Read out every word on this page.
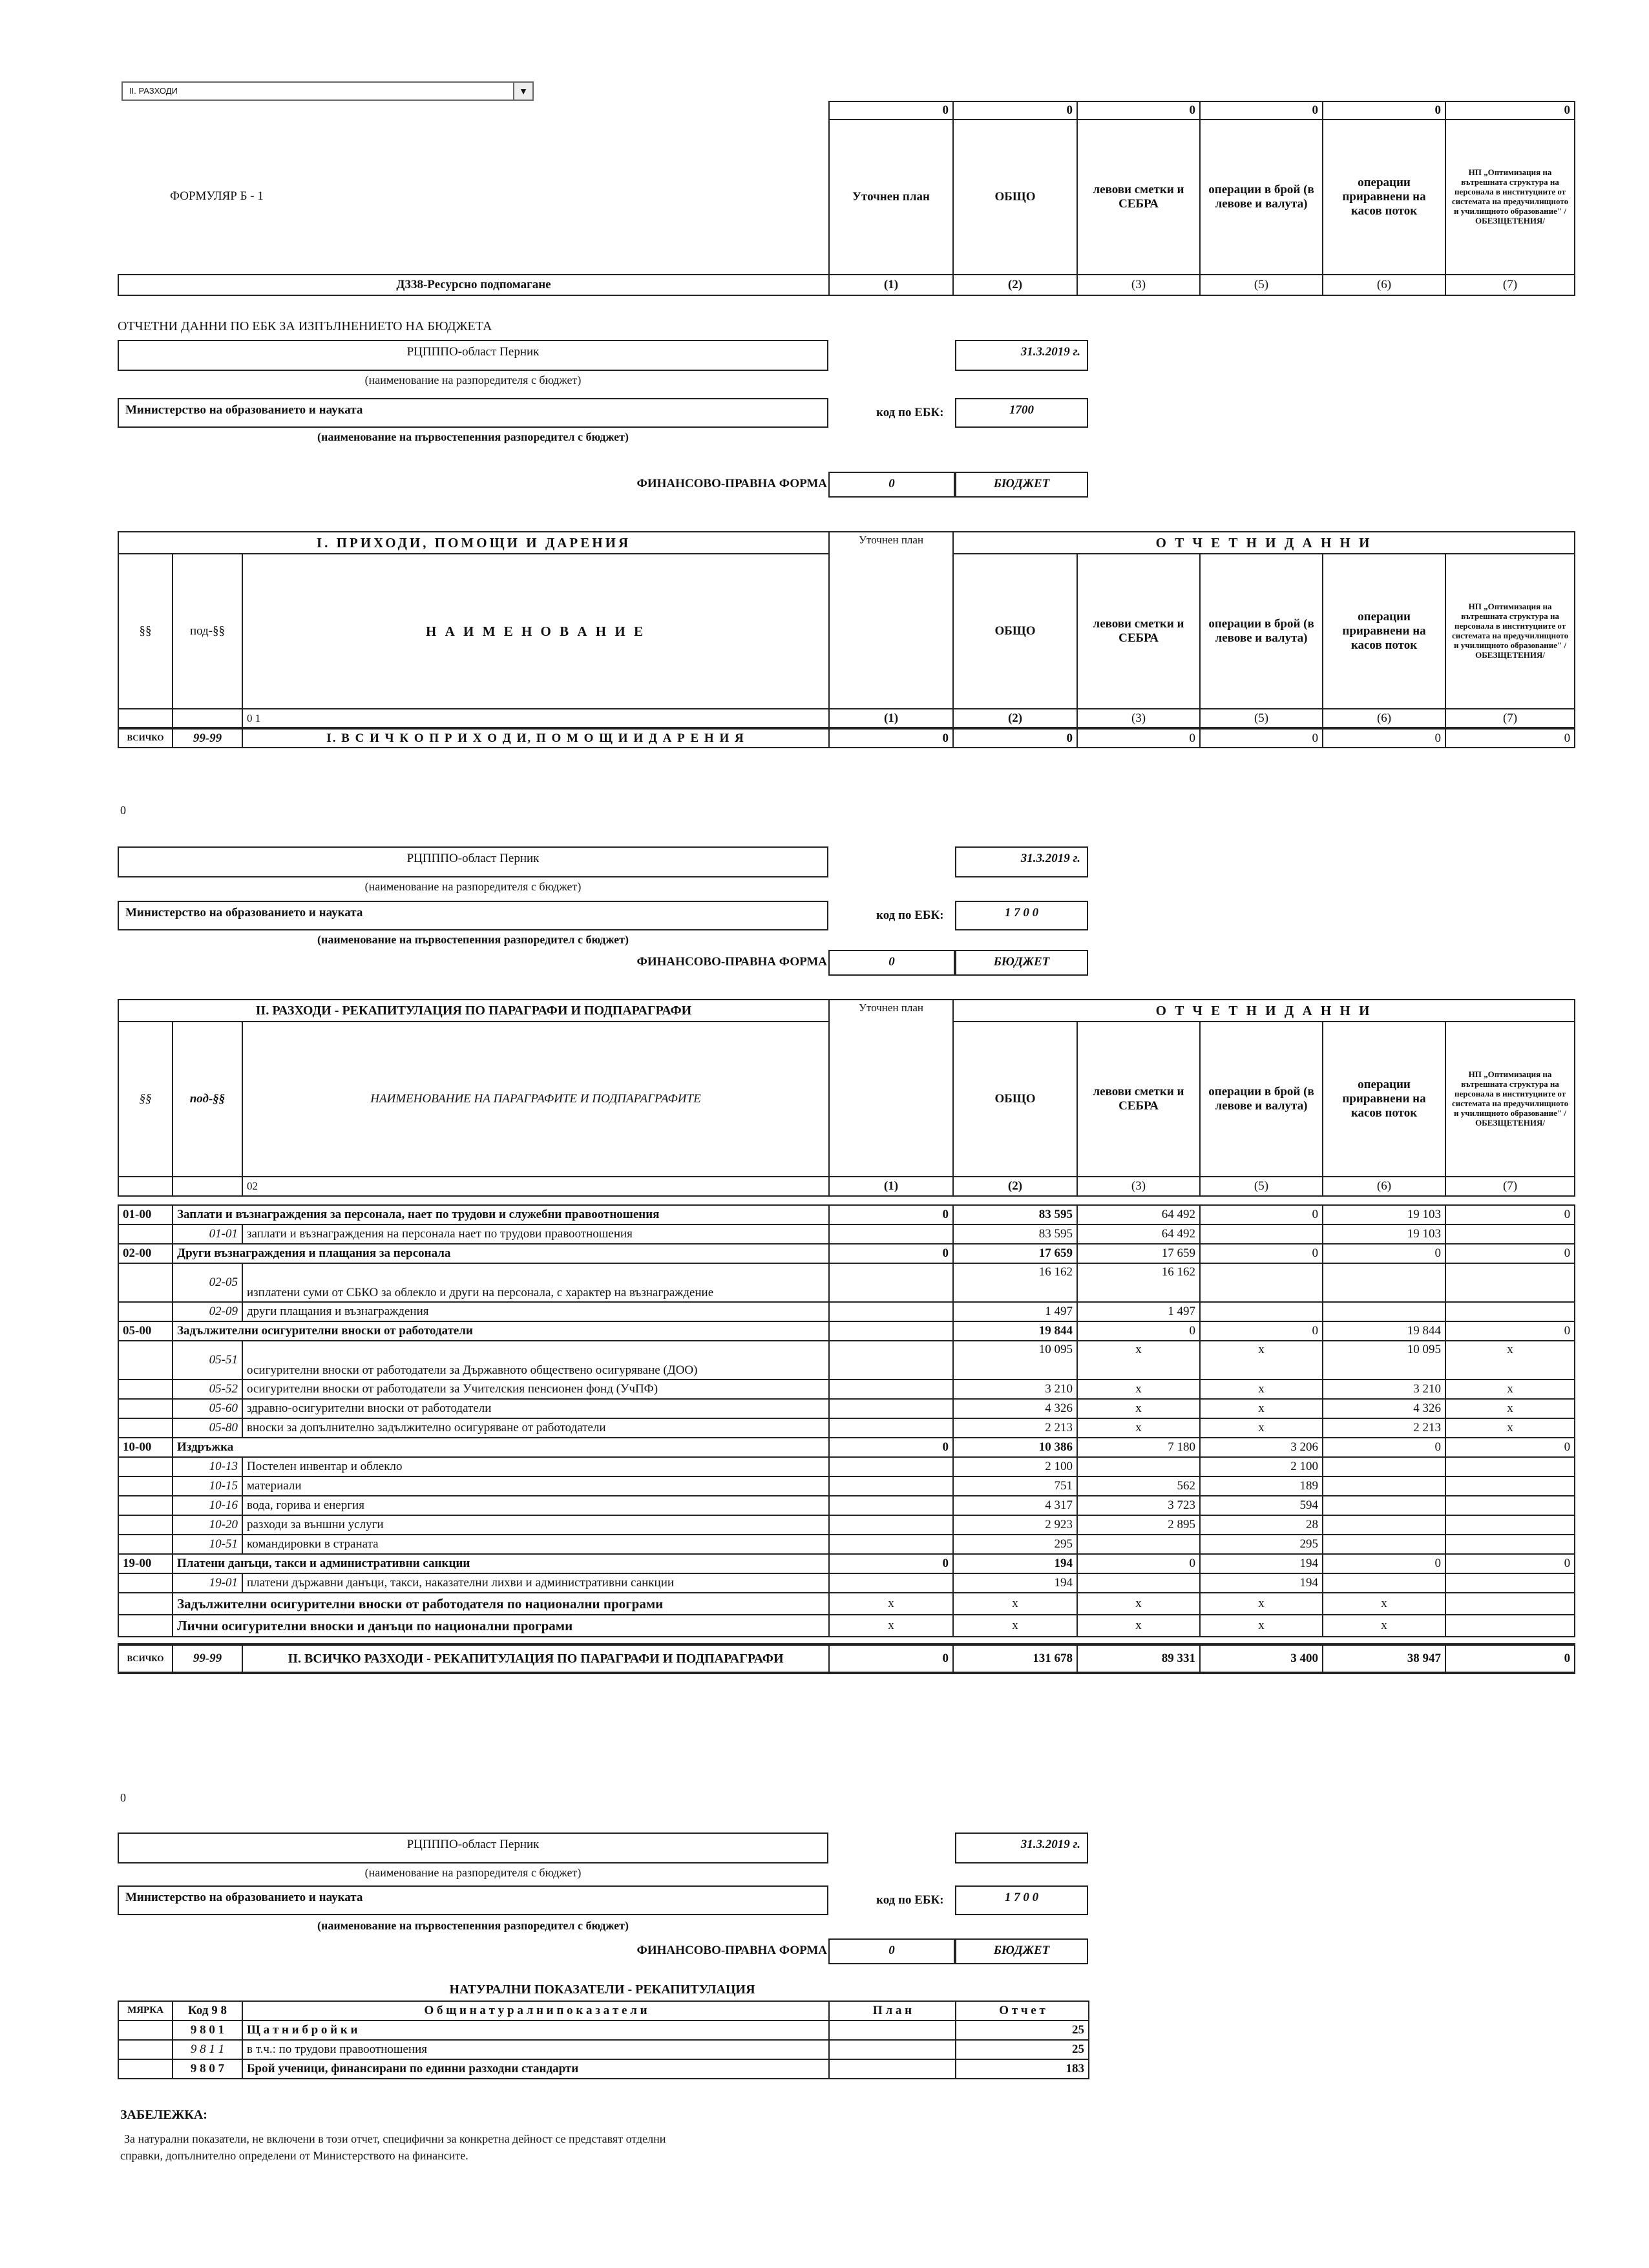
II. РАЗХОДИ	▼
	0	0	0	0	0	0
ФОРМУЛЯР Б - 1	Уточнен план	ОБЩО	левови сметки и СЕБРА	операции в брой (в левове и валута)	операции приравнени на касов поток	НП „Оптимизация на вътрешната структура на персонала в институциите от системата на предучилищното и училищното образование" /ОБЕЗЩЕТЕНИЯ/
Д338-Ресурсно подпомагане	(1)	(2)	(3)	(5)	(6)	(7)
ОТЧЕТНИ ДАННИ ПО ЕБК ЗА ИЗПЪЛНЕНИЕТО НА БЮДЖЕТА
РЦПППО-област Перник	31.3.2019 г.
(наименование на разпоредителя с бюджет)
Министерство на образованието и науката	код по ЕБК:	1700
(наименование на първостепенния разпоредител с бюджет)
ФИНАНСОВО-ПРАВНА ФОРМА	0	БЮДЖЕТ
I. ПРИХОДИ, ПОМОЩИ И ДАРЕНИЯ			Уточнен план	О Т Ч Е Т Н И Д А Н Н И				
§§	под-§§	Н А И М Е Н О В А Н И Е		ОБЩО	левови сметки и СЕБРА	операции в брой (в левове и валута)	операции приравнени на касов поток	НП „Оптимизация на вътрешната структура на персонала в институциите от системата на предучилищното и училищното образование" /ОБЕЗЩЕТЕНИЯ/
		0 1	(1)	(2)	(3)	(5)	(6)	(7)
ВСИЧКО	99-99	I. В С И Ч К О П Р И Х О Д И, П О М О Щ И И Д А Р Е Н И Я	0	0	0	0	0	0
0
РЦПППО-област Перник	31.3.2019 г.
(наименование на разпоредителя с бюджет)
Министерство на образованието и науката	код по ЕБК:	1 7 0 0
(наименование на първостепенния разпоредител с бюджет)
ФИНАНСОВО-ПРАВНА ФОРМА	0	БЮДЖЕТ
II. РАЗХОДИ - РЕКАПИТУЛАЦИЯ ПО ПАРАГРАФИ И ПОДПАРАГРАФИ			Уточнен план	О Т Ч Е Т Н И Д А Н Н И				
§§	под-§§	НАИМЕНОВАНИЕ НА ПАРАГРАФИТЕ И ПОДПАРАГРАФИТЕ		ОБЩО	левови сметки и СЕБРА	операции в брой (в левове и валута)	операции приравнени на касов поток	НП „Оптимизация на вътрешната структура на персонала в институциите от системата на предучилищното и училищното образование" /ОБЕЗЩЕТЕНИЯ/
		02	(1)	(2)	(3)	(5)	(6)	(7)

01-00	Заплати и възнаграждения за персонала, нает по трудови и служебни правоотношения		0	83 595	64 492	0	19 103	0
	01-01	заплати и възнаграждения на персонала нает по трудови правоотношения		83 595	64 492		19 103	
02-00	Други възнаграждения и плащания за персонала		0	17 659	17 659	0	0	0
	02-05	изплатени суми от СБКО за облекло и други на персонала, с характер на възнаграждение		16 162	16 162			
	02-09	други плащания и възнаграждения		1 497	1 497			
05-00	Задължителни осигурителни вноски от работодатели			19 844	0	0	19 844	0
	05-51	осигурителни вноски от работодатели за Държавното обществено осигуряване (ДОО)		10 095	x	x	10 095	x
	05-52	осигурителни вноски от работодатели за Учителския пенсионен фонд (УчПФ)		3 210	x	x	3 210	x
	05-60	здравно-осигурителни вноски от работодатели		4 326	x	x	4 326	x
	05-80	вноски за допълнително задължително осигуряване от работодатели		2 213	x	x	2 213	x
10-00	Издръжка		0	10 386	7 180	3 206	0	0
	10-13	Постелен инвентар и облекло		2 100		2 100		
	10-15	материали		751	562	189		
	10-16	вода, горива и енергия		4 317	3 723	594		
	10-20	разходи за външни услуги		2 923	2 895	28		
	10-51	командировки в страната		295		295		
19-00	Платени данъци, такси и административни санкции		0	194	0	194	0	0
	19-01	платени държавни данъци, такси, наказателни лихви и административни санкции		194		194		
	Задължителни осигурителни вноски от работодателя по национални програми		x	x	x	x	x	
	Лични осигурителни вноски и данъци по национални програми		x	x	x	x	x	

ВСИЧКО	99-99	II. ВСИЧКО РАЗХОДИ - РЕКАПИТУЛАЦИЯ ПО ПАРАГРАФИ И ПОДПАРАГРАФИ	0	131 678	89 331	3 400	38 947	0
0
РЦПППО-област Перник	31.3.2019 г.
(наименование на разпоредителя с бюджет)
Министерство на образованието и науката	код по ЕБК:	1 7 0 0
(наименование на първостепенния разпоредител с бюджет)
ФИНАНСОВО-ПРАВНА ФОРМА	0	БЮДЖЕТ
НАТУРАЛНИ ПОКАЗАТЕЛИ - РЕКАПИТУЛАЦИЯ
МЯРКА	Код 9 8	О б щ и н а т у р а л н и п о к а з а т е л и	П л а н	О т ч е т
	9 8 0 1	Щ а т н и б р о й к и		25
	9 8 1 1	в т.ч.: по трудови правоотношения		25
	9 8 0 7	Брой ученици, финансирани по единни разходни стандарти		183
ЗАБЕЛЕЖКА:
За натурални показатели, не включени в този отчет, специфични за конкретна дейност се представят отделни
справки, допълнително определени от Министерството на финансите.
